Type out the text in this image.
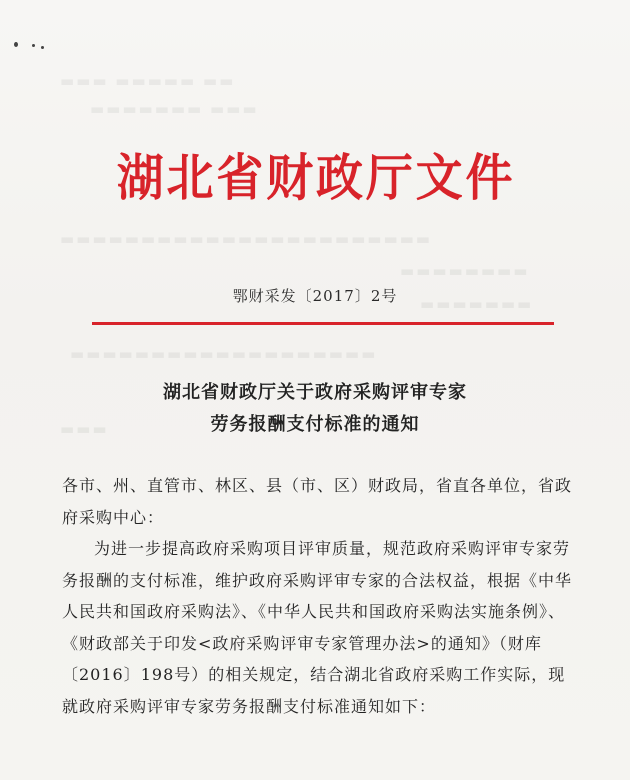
▬▬▬ ▬▬▬▬▬ ▬▬
▬▬▬▬▬▬▬ ▬▬▬
▬▬▬▬▬▬▬▬▬▬▬▬▬▬▬▬▬▬▬▬▬▬▬
▬▬▬▬▬▬▬▬
▬▬▬▬▬▬▬
▬▬▬▬▬▬▬▬▬▬▬▬▬▬▬▬▬▬▬
▬▬▬
湖北省财政厅文件
鄂财采发〔2017〕2号
湖北省财政厅关于政府采购评审专家
劳务报酬支付标准的通知
各市、州、直管市、林区、县（市、区）财政局，省直各单位，省政府采购中心：
为进一步提高政府采购项目评审质量，规范政府采购评审专家劳务报酬的支付标准，维护政府采购评审专家的合法权益，根据《中华人民共和国政府采购法》、《中华人民共和国政府采购法实施条例》、《财政部关于印发<政府采购评审专家管理办法>的通知》（财库〔2016〕198号）的相关规定，结合湖北省政府采购工作实际，现就政府采购评审专家劳务报酬支付标准通知如下：
